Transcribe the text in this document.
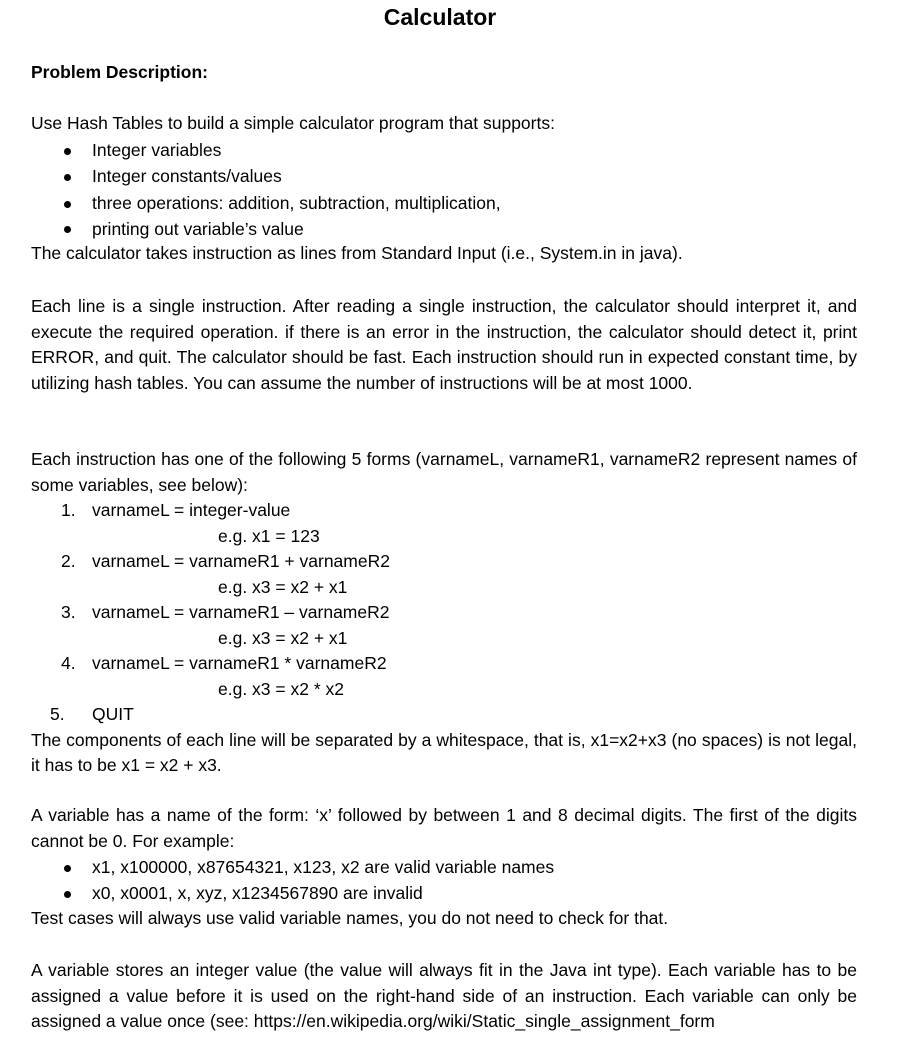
Calculator
Problem Description:

Use Hash Tables to build a simple calculator program that supports:

Integer variables
Integer constants/values
three operations: addition, subtraction, multiplication,
printing out variable’s value

The calculator takes instruction as lines from Standard Input (i.e., System.in in java).

Each line is a single instruction. After reading a single instruction, the calculator should interpret it, and execute the required operation. if there is an error in the instruction, the calculator should detect it, print ERROR, and quit. The calculator should be fast. Each instruction should run in expected constant time, by utilizing hash tables. You can assume the number of instructions will be at most 1000.

Each instruction has one of the following 5 forms (varnameL, varnameR1, varnameR2 represent names of some variables, see below):

1. varnameL = integer-value
e.g. x1 = 123
2. varnameL = varnameR1 + varnameR2
e.g. x3 = x2 + x1
3. varnameL = varnameR1 – varnameR2
e.g. x3 = x2 + x1
4. varnameL = varnameR1 * varnameR2
e.g. x3 = x2 * x2
5. QUIT

The components of each line will be separated by a whitespace, that is, x1=x2+x3 (no spaces) is not legal, it has to be x1 = x2 + x3.

A variable has a name of the form: ‘x’ followed by between 1 and 8 decimal digits. The first of the digits cannot be 0. For example:

x1, x100000, x87654321, x123, x2 are valid variable names
x0, x0001, x, xyz, x1234567890 are invalid

Test cases will always use valid variable names, you do not need to check for that.

A variable stores an integer value (the value will always fit in the Java int type). Each variable has to be assigned a value before it is used on the right-hand side of an instruction. Each variable can only be assigned a value once (see: https://en.wikipedia.org/wiki/Static_single_assignment_form
